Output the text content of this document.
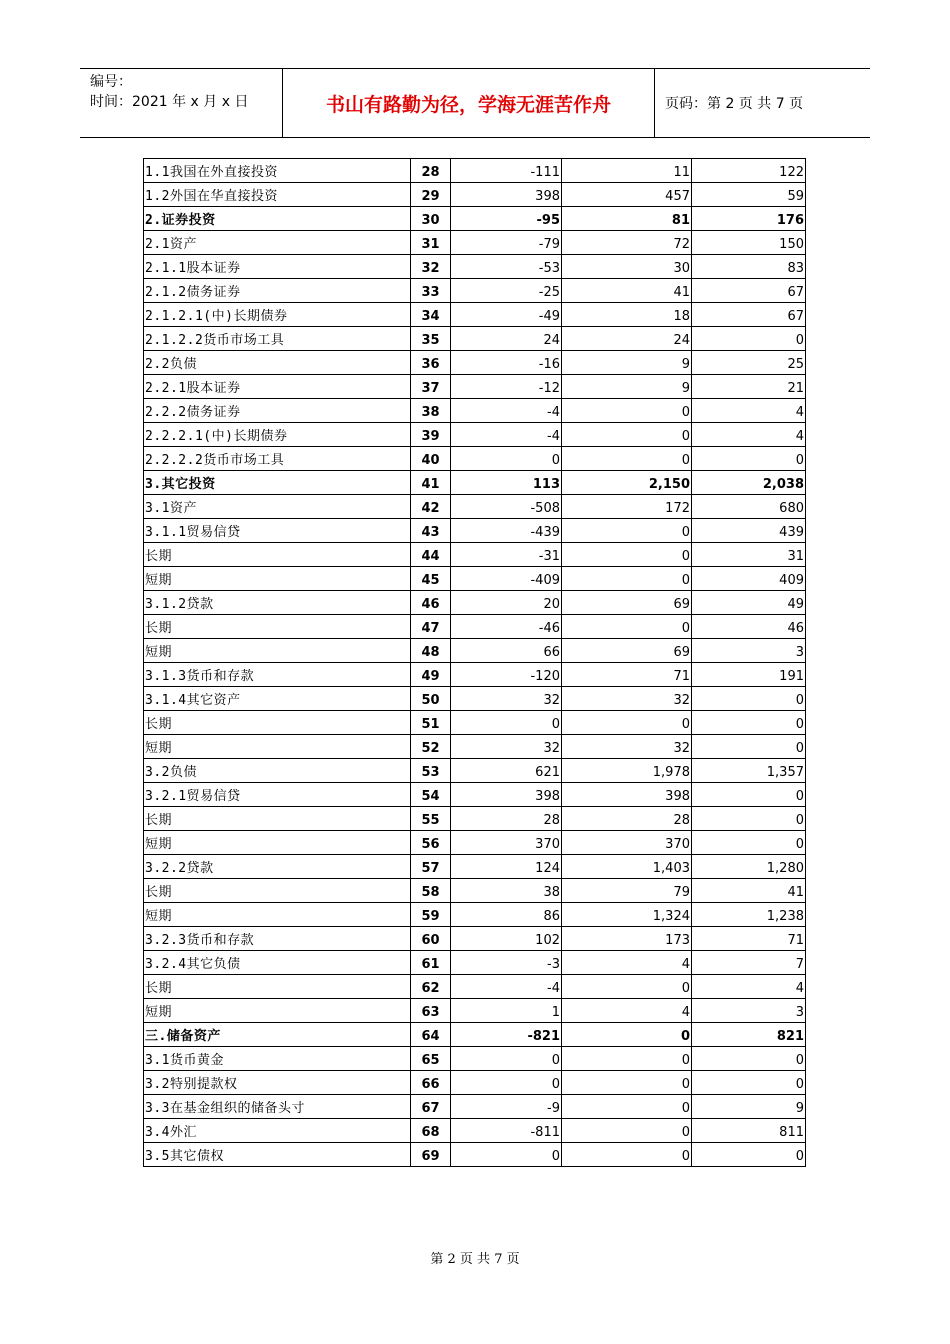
编号：
时间：2021 年 x 月 x 日	书山有路勤为径，学海无涯苦作舟	页码：第 2 页 共 7 页
1.1我国在外直接投资	28	-111	11	122
1.2外国在华直接投资	29	398	457	59
2.证券投资	30	-95	81	176
2.1资产	31	-79	72	150
2.1.1股本证券	32	-53	30	83
2.1.2债务证券	33	-25	41	67
2.1.2.1(中)长期债券	34	-49	18	67
2.1.2.2货币市场工具	35	24	24	0
2.2负债	36	-16	9	25
2.2.1股本证券	37	-12	9	21
2.2.2债务证券	38	-4	0	4
2.2.2.1(中)长期债券	39	-4	0	4
2.2.2.2货币市场工具	40	0	0	0
3.其它投资	41	113	2,150	2,038
3.1资产	42	-508	172	680
3.1.1贸易信贷	43	-439	0	439
长期	44	-31	0	31
短期	45	-409	0	409
3.1.2贷款	46	20	69	49
长期	47	-46	0	46
短期	48	66	69	3
3.1.3货币和存款	49	-120	71	191
3.1.4其它资产	50	32	32	0
长期	51	0	0	0
短期	52	32	32	0
3.2负债	53	621	1,978	1,357
3.2.1贸易信贷	54	398	398	0
长期	55	28	28	0
短期	56	370	370	0
3.2.2贷款	57	124	1,403	1,280
长期	58	38	79	41
短期	59	86	1,324	1,238
3.2.3货币和存款	60	102	173	71
3.2.4其它负债	61	-3	4	7
长期	62	-4	0	4
短期	63	1	4	3
三.储备资产	64	-821	0	821
3.1货币黄金	65	0	0	0
3.2特别提款权	66	0	0	0
3.3在基金组织的储备头寸	67	-9	0	9
3.4外汇	68	-811	0	811
3.5其它债权	69	0	0	0
第 2 页 共 7 页
